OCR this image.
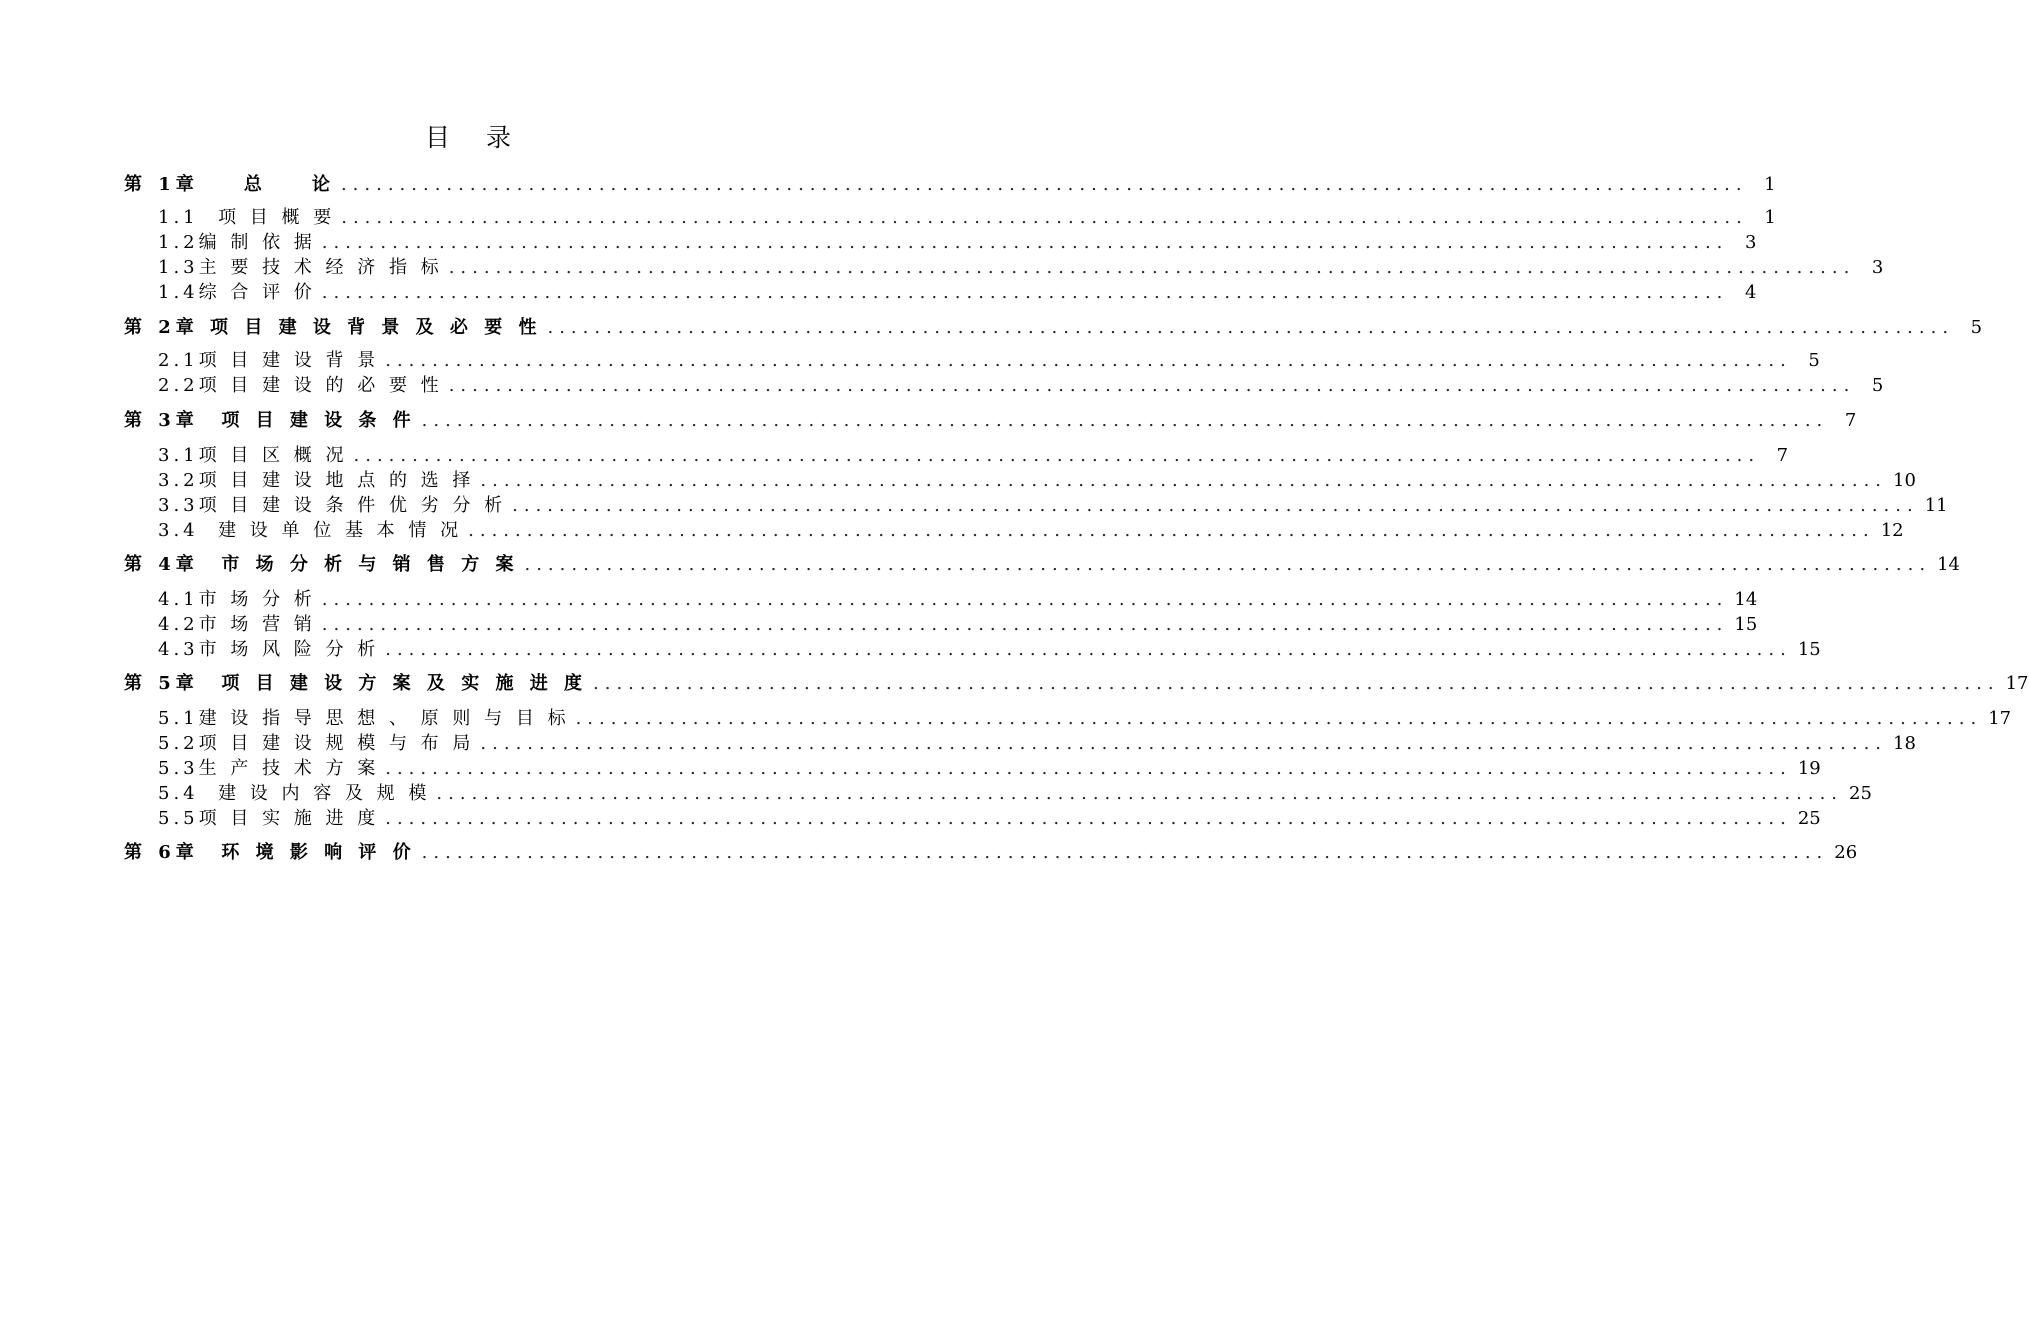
目 录
第 1章    总    论 ........................................................................................................................ 1
1.1  项 目 概 要 ........................................................................................................................ 1
1.2编 制 依 据 ........................................................................................................................ 3
1.3主 要 技 术 经 济 指 标 ........................................................................................................................ 3
1.4综 合 评 价 ........................................................................................................................ 4
第 2章 项 目 建 设 背 景 及 必 要 性 ........................................................................................................................ 5
2.1项 目 建 设 背 景 ........................................................................................................................ 5
2.2项 目 建 设 的 必 要 性 ........................................................................................................................ 5
第 3章  项 目 建 设 条 件 ........................................................................................................................ 7
3.1项 目 区 概 况 ........................................................................................................................ 7
3.2项 目 建 设 地 点 的 选 择 ........................................................................................................................ 10
3.3项 目 建 设 条 件 优 劣 分 析 ........................................................................................................................ 11
3.4  建 设 单 位 基 本 情 况 ........................................................................................................................ 12
第 4章  市 场 分 析 与 销 售 方 案 ........................................................................................................................ 14
4.1市 场 分 析 ........................................................................................................................ 14
4.2市 场 营 销 ........................................................................................................................ 15
4.3市 场 风 险 分 析 ........................................................................................................................ 15
第 5章  项 目 建 设 方 案 及 实 施 进 度 ........................................................................................................................ 17
5.1建 设 指 导 思 想 、 原 则 与 目 标 ........................................................................................................................ 17
5.2项 目 建 设 规 模 与 布 局 ........................................................................................................................ 18
5.3生 产 技 术 方 案 ........................................................................................................................ 19
5.4  建 设 内 容 及 规 模 ........................................................................................................................ 25
5.5项 目 实 施 进 度 ........................................................................................................................ 25
第 6章  环 境 影 响 评 价 ........................................................................................................................ 26
